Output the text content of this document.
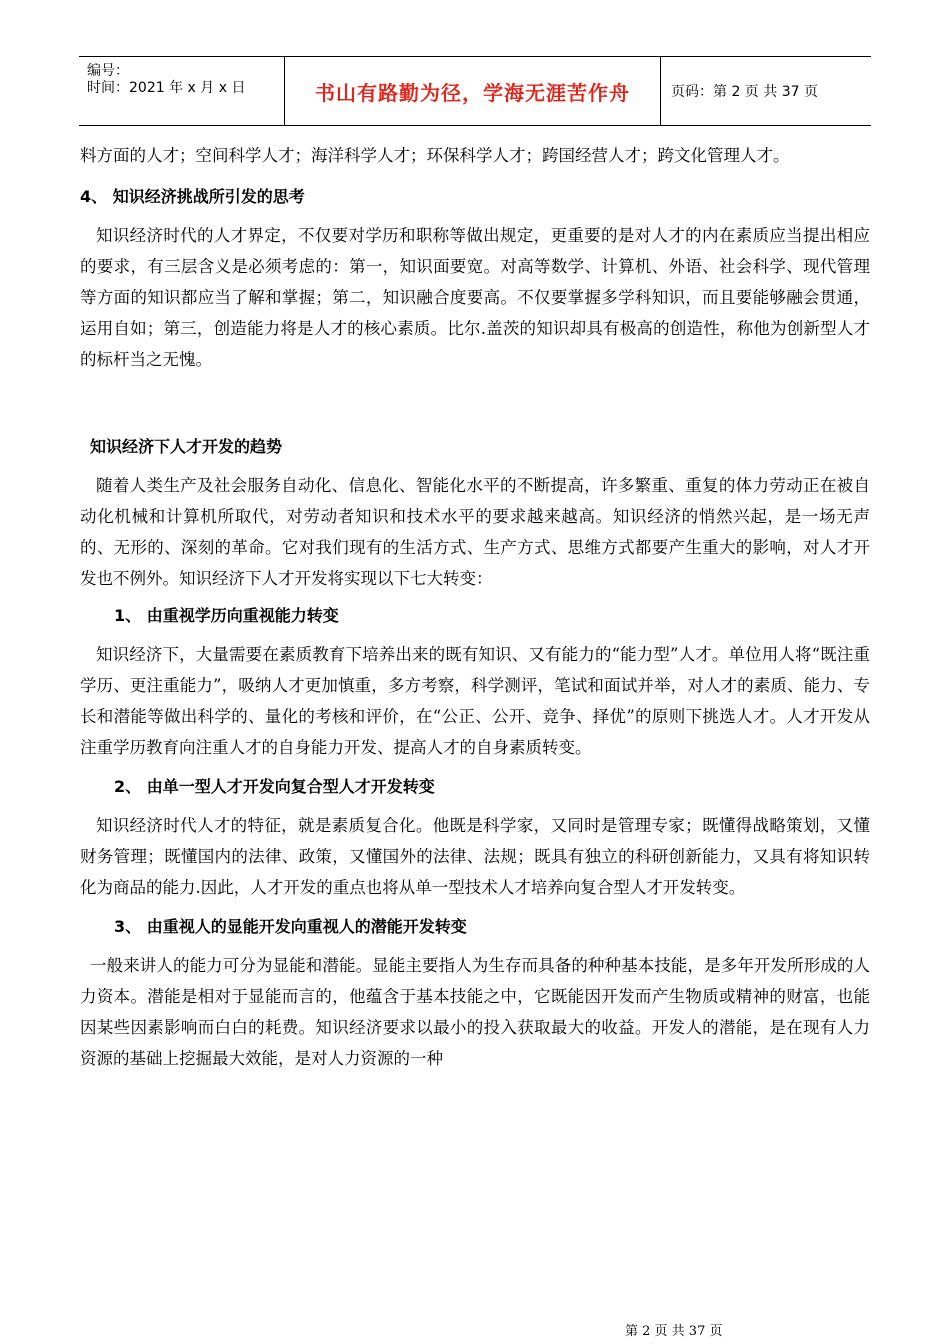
编号：
时间：2021 年 x 月 x 日	书山有路勤为径，学海无涯苦作舟	页码：第 2 页 共 37 页

料方面的人才；空间科学人才；海洋科学人才；环保科学人才；跨国经营人才；跨文化管理人才。

4、 知识经济挑战所引发的思考

知识经济时代的人才界定，不仅要对学历和职称等做出规定，更重要的是对人才的内在素质应当提出相应的要求，有三层含义是必须考虑的：第一，知识面要宽。对高等数学、计算机、外语、社会科学、现代管理等方面的知识都应当了解和掌握；第二，知识融合度要高。不仅要掌握多学科知识，而且要能够融会贯通，运用自如；第三，创造能力将是人才的核心素质。比尔.盖茨的知识却具有极高的创造性，称他为创新型人才的标杆当之无愧。

知识经济下人才开发的趋势

随着人类生产及社会服务自动化、信息化、智能化水平的不断提高，许多繁重、重复的体力劳动正在被自动化机械和计算机所取代，对劳动者知识和技术水平的要求越来越高。知识经济的悄然兴起，是一场无声的、无形的、深刻的革命。它对我们现有的生活方式、生产方式、思维方式都要产生重大的影响，对人才开发也不例外。知识经济下人才开发将实现以下七大转变：

1、 由重视学历向重视能力转变

知识经济下，大量需要在素质教育下培养出来的既有知识、又有能力的“能力型”人才。单位用人将“既注重学历、更注重能力”，吸纳人才更加慎重，多方考察，科学测评，笔试和面试并举，对人才的素质、能力、专长和潜能等做出科学的、量化的考核和评价，在“公正、公开、竞争、择优”的原则下挑选人才。人才开发从注重学历教育向注重人才的自身能力开发、提高人才的自身素质转变。

2、 由单一型人才开发向复合型人才开发转变

知识经济时代人才的特征，就是素质复合化。他既是科学家，又同时是管理专家；既懂得战略策划，又懂财务管理；既懂国内的法律、政策，又懂国外的法律、法规；既具有独立的科研创新能力，又具有将知识转化为商品的能力.因此，人才开发的重点也将从单一型技术人才培养向复合型人才开发转变。

3、 由重视人的显能开发向重视人的潜能开发转变

一般来讲人的能力可分为显能和潜能。显能主要指人为生存而具备的种种基本技能，是多年开发所形成的人力资本。潜能是相对于显能而言的，他蕴含于基本技能之中，它既能因开发而产生物质或精神的财富，也能因某些因素影响而白白的耗费。知识经济要求以最小的投入获取最大的收益。开发人的潜能，是在现有人力资源的基础上挖掘最大效能，是对人力资源的一种

第 2 页 共 37 页
